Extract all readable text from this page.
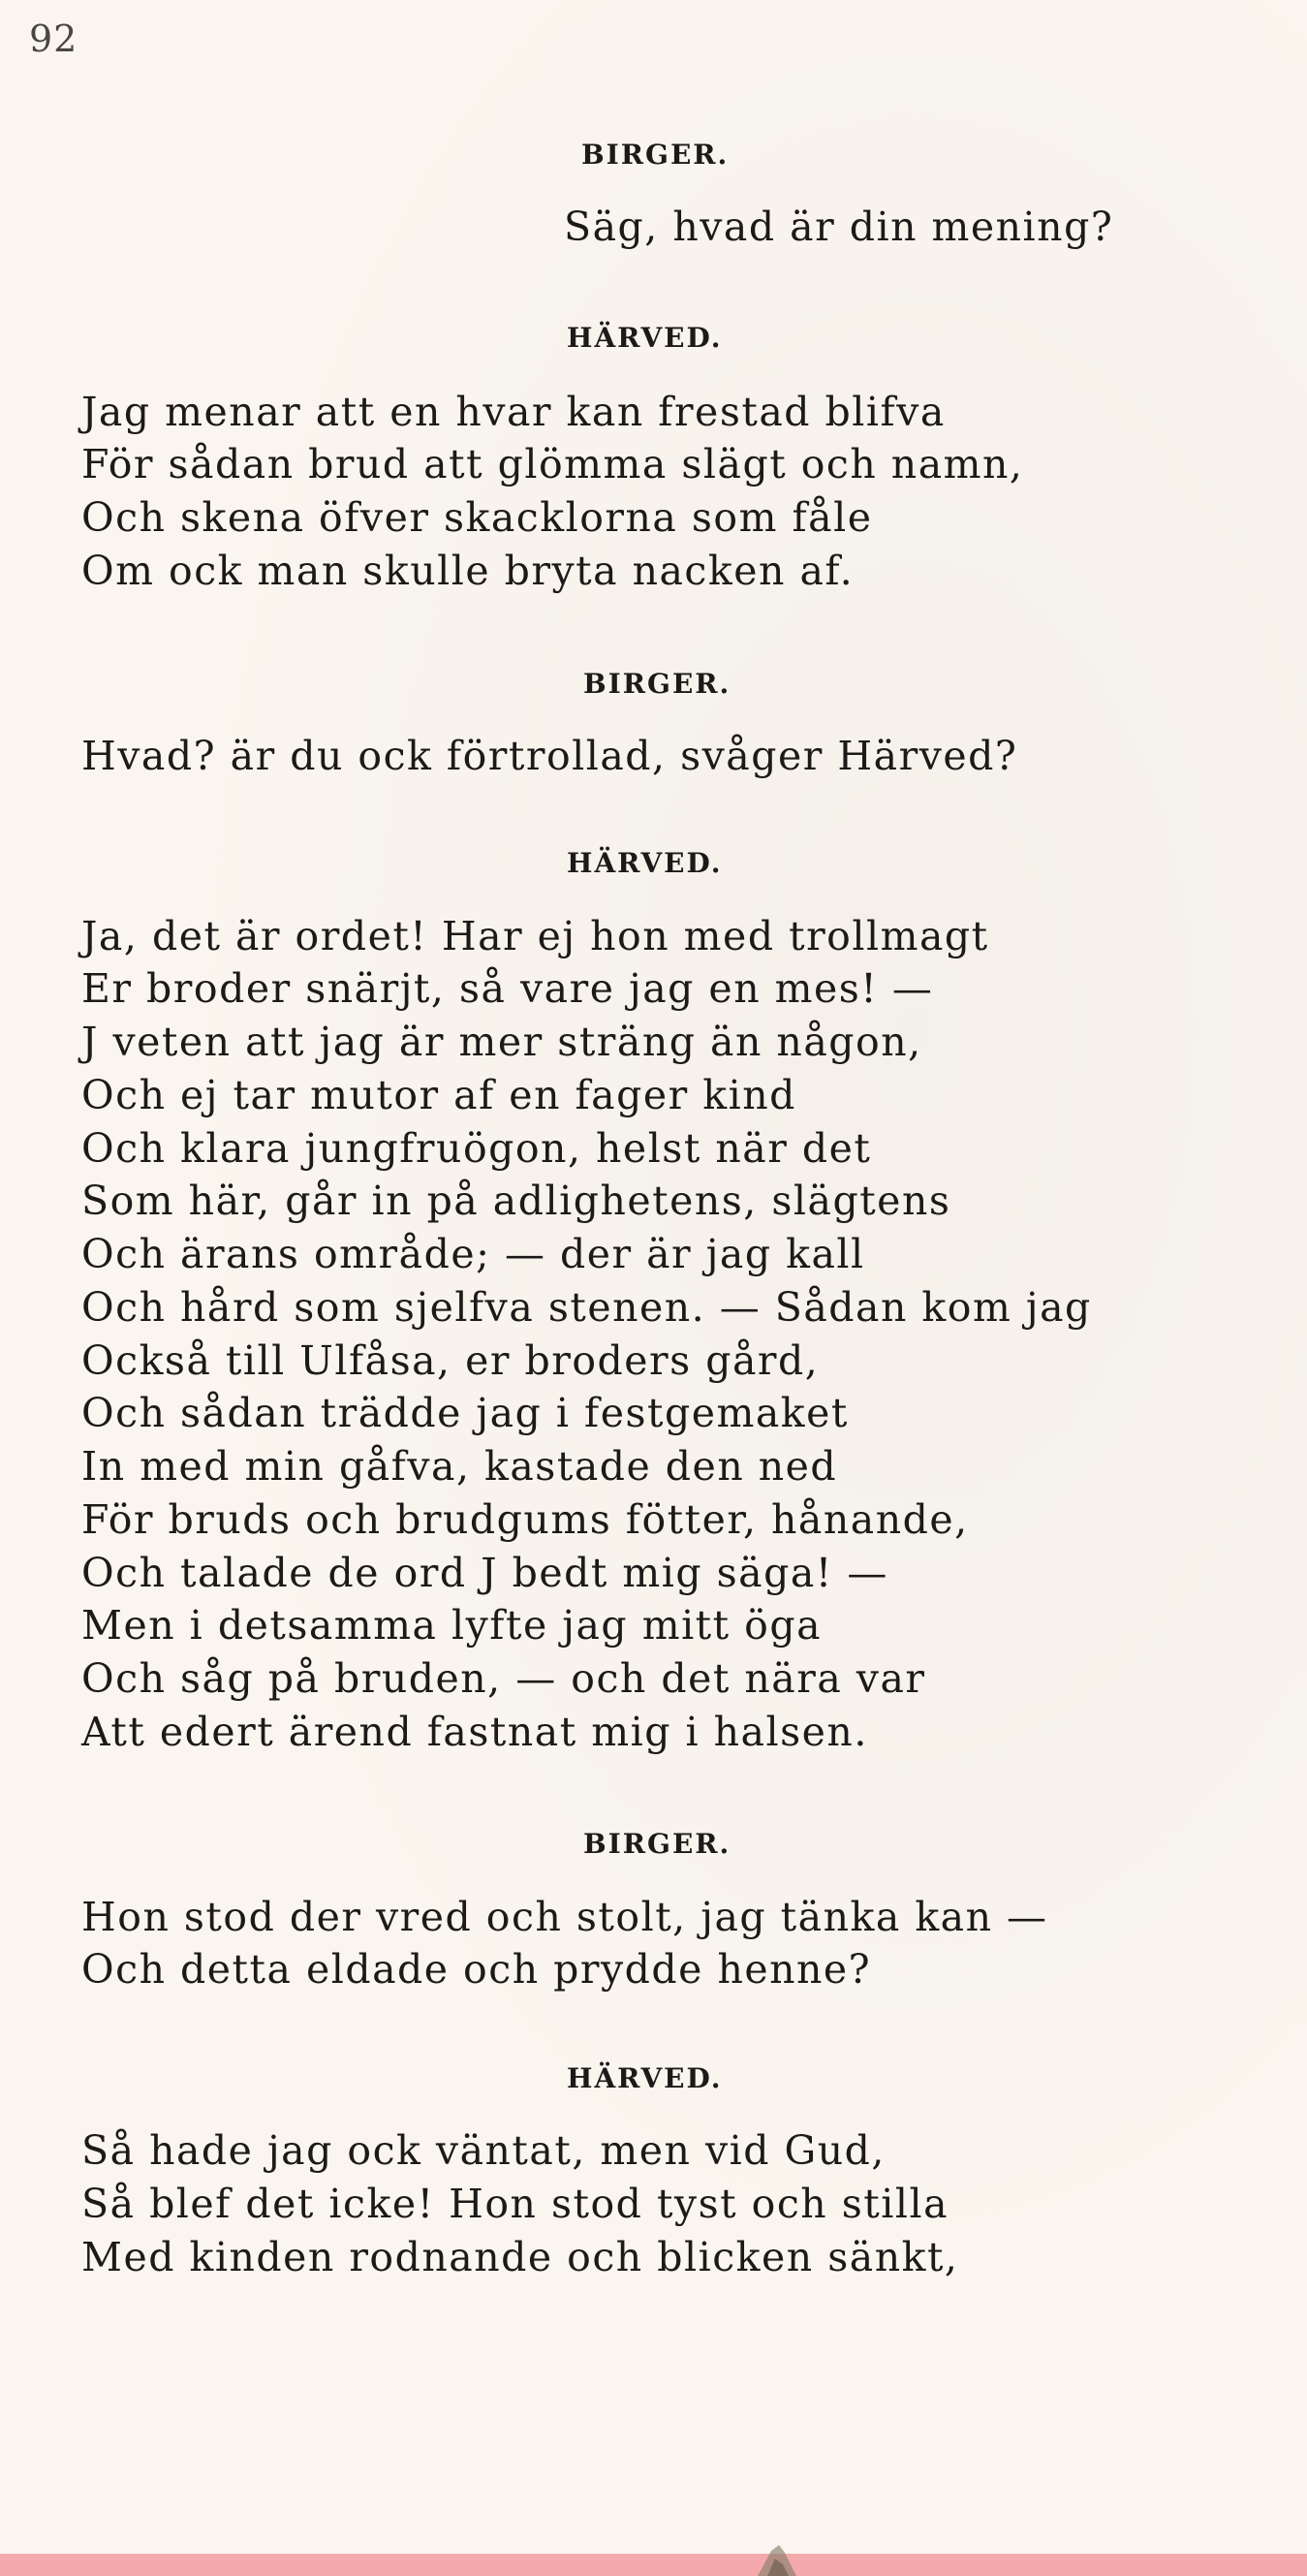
92
BIRGER.
Säg, hvad är din mening?
HÄRVED.
Jag menar att en hvar kan frestad blifva
För sådan brud att glömma slägt och namn,
Och skena öfver skacklorna som fåle
Om ock man skulle bryta nacken af.
BIRGER.
Hvad? är du ock förtrollad, svåger Härved?
HÄRVED.
Ja, det är ordet! Har ej hon med trollmagt
Er broder snärjt, så vare jag en mes! —
J veten att jag är mer sträng än någon,
Och ej tar mutor af en fager kind
Och klara jungfruögon, helst när det
Som här, går in på adlighetens, slägtens
Och ärans område; — der är jag kall
Och hård som sjelfva stenen. — Sådan kom jag
Också till Ulfåsa, er broders gård,
Och sådan trädde jag i festgemaket
In med min gåfva, kastade den ned
För bruds och brudgums fötter, hånande,
Och talade de ord J bedt mig säga! —
Men i detsamma lyfte jag mitt öga
Och såg på bruden, — och det nära var
Att edert ärend fastnat mig i halsen.
BIRGER.
Hon stod der vred och stolt, jag tänka kan —
Och detta eldade och prydde henne?
HÄRVED.
Så hade jag ock väntat, men vid Gud,
Så blef det icke! Hon stod tyst och stilla
Med kinden rodnande och blicken sänkt,
